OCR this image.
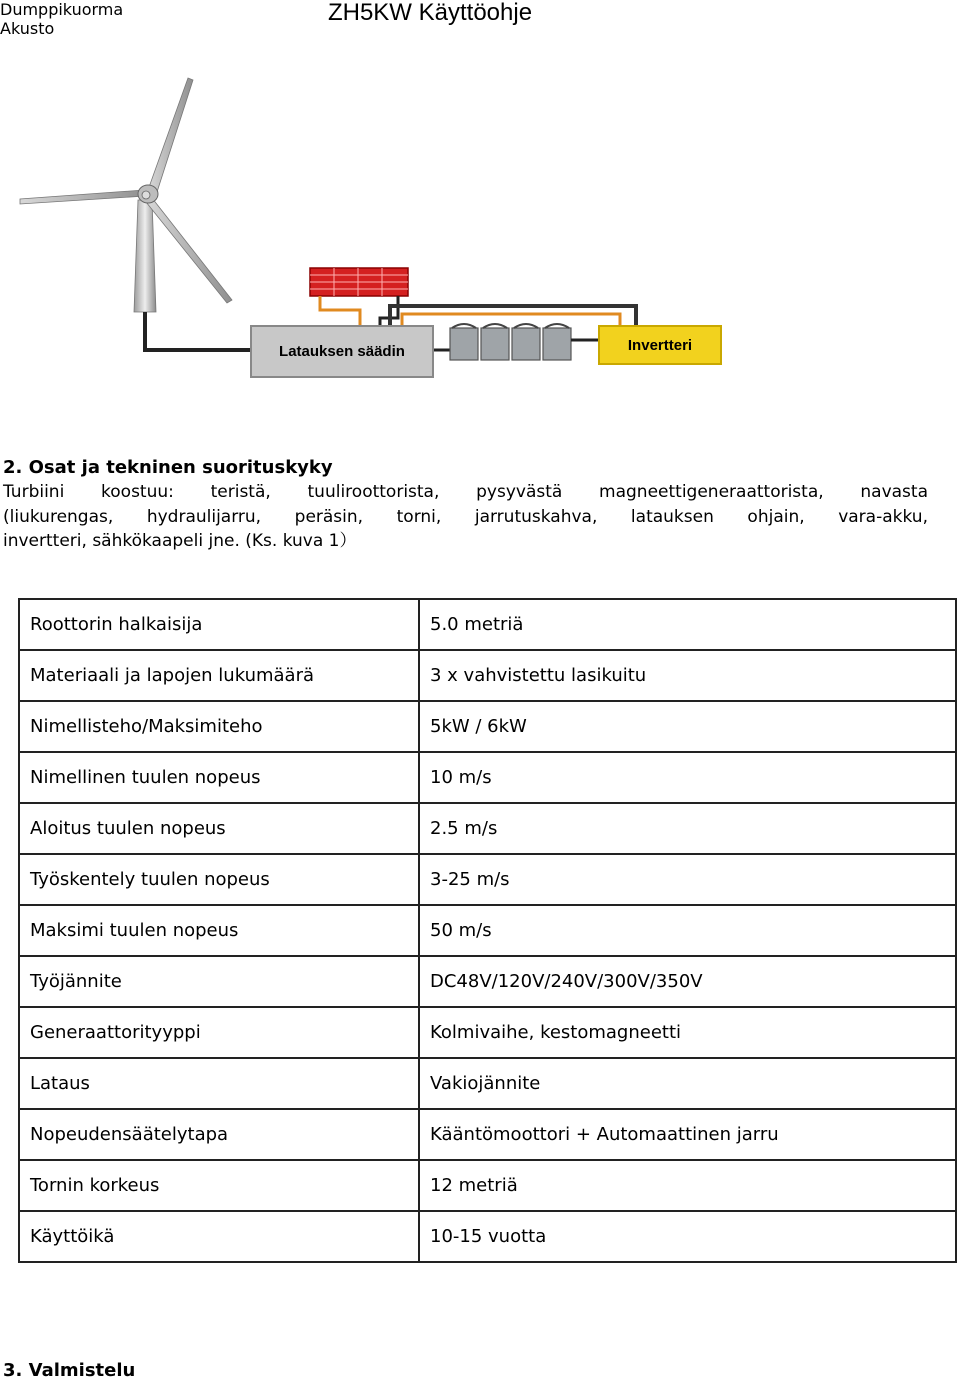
ZH5KW Käyttöohje
Dumppikuorma
Latauksen säädin
Akusto
Invertteri
2. Osat ja tekninen suorituskyky
Turbiini koostuu: teristä, tuuliroottorista, pysyvästä magneettigeneraattorista, navasta
(liukurengas, hydraulijarru, peräsin, torni, jarrutuskahva, latauksen ohjain, vara-akku,
invertteri, sähkökaapeli jne. (Ks. kuva 1）
Roottorin halkaisija	5.0 metriä
Materiaali ja lapojen lukumäärä	3 x vahvistettu lasikuitu
Nimellisteho/Maksimiteho	5kW / 6kW
Nimellinen tuulen nopeus	10 m/s
Aloitus tuulen nopeus	2.5 m/s
Työskentely tuulen nopeus	3-25 m/s
Maksimi tuulen nopeus	50 m/s
Työjännite	DC48V/120V/240V/300V/350V
Generaattorityyppi	Kolmivaihe, kestomagneetti
Lataus	Vakiojännite
Nopeudensäätelytapa	Kääntömoottori + Automaattinen jarru
Tornin korkeus	12 metriä
Käyttöikä	10-15 vuotta
3. Valmistelu
